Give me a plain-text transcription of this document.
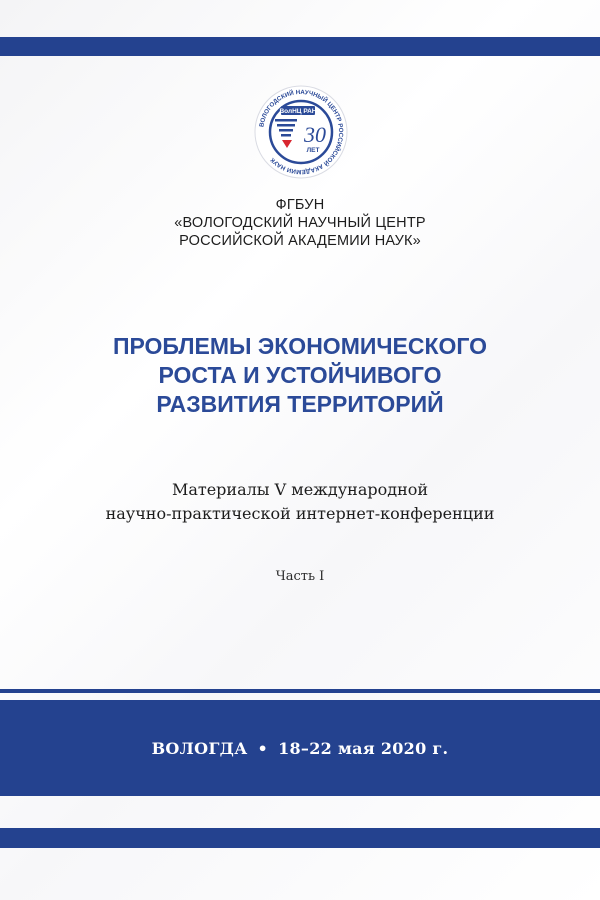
ВОЛОГОДСКИЙ НАУЧНЫЙ ЦЕНТР РОССИЙСКОЙ АКАДЕМИИ НАУК
ВолНЦ РАН
30
ЛЕТ
ФГБУН
«ВОЛОГОДСКИЙ НАУЧНЫЙ ЦЕНТР
РОССИЙСКОЙ АКАДЕМИИ НАУК»
ПРОБЛЕМЫ ЭКОНОМИЧЕСКОГО
РОСТА И УСТОЙЧИВОГО
РАЗВИТИЯ ТЕРРИТОРИЙ
Материалы V международной
научно-практической интернет-конференции
Часть I
ВОЛОГДА • 18–22 мая 2020 г.
